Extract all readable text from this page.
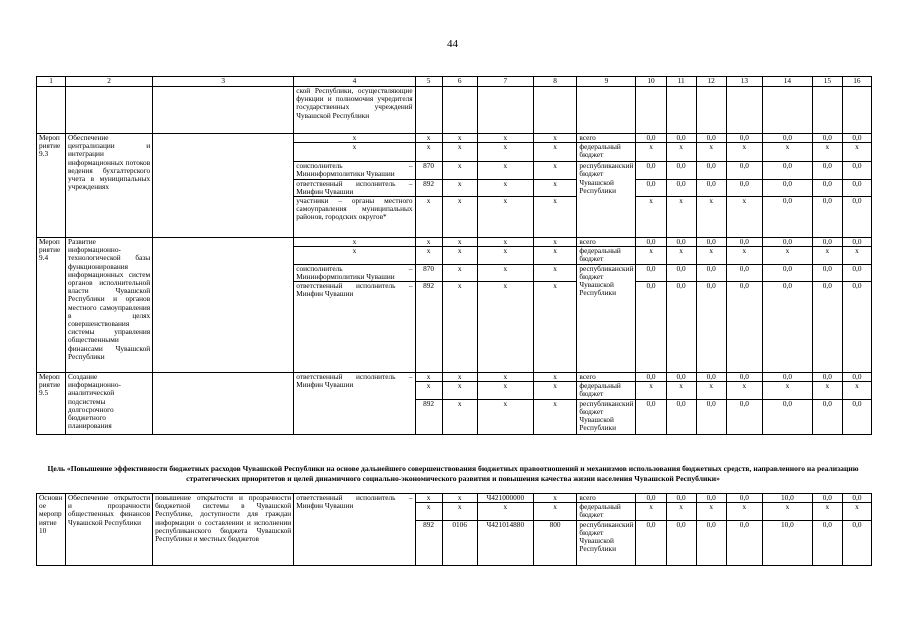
44
1	2	3	4	5	6	7	8	9	10	11	12	13	14	15	16
			ской Республики, осуществляющие функции и полномочия учредителя государственных учреждений Чувашской Республики												
Мероприятие 9.3	Обеспечение централизации и интеграции информационных потоков ведения бухгалтерского учета в муниципальных учреждениях		x	x	x	x	x	всего	0,0	0,0	0,0	0,0	0,0	0,0	0,0
			x	x	x	x	x	федеральный бюджет	x	x	x	x	x	x	x
			соисполнитель – Мининформполитики Чувашии	870	x	x	x	республиканский бюджет Чувашской Республики	0,0	0,0	0,0	0,0	0,0	0,0	0,0
			ответственный исполнитель – Минфин Чувашии	892	x	x	x		0,0	0,0	0,0	0,0	0,0	0,0	0,0
			участники – органы местного самоуправления муниципальных районов, городских округов*	x	x	x	x		x	x	x	x	0,0	0,0	0,0
Мероприятие 9.4	Развитие информационно-технологической базы функционирования информационных систем органов исполнительной власти Чувашской Республики и органов местного самоуправления в целях совершенствования системы управления общественными финансами Чувашской Республики		x	x	x	x	x	всего	0,0	0,0	0,0	0,0	0,0	0,0	0,0
			x	x	x	x	x	федеральный бюджет	x	x	x	x	x	x	x
			соисполнитель – Мининформполитики Чувашии	870	x	x	x	республиканский бюджет Чувашской Республики	0,0	0,0	0,0	0,0	0,0	0,0	0,0
			ответственный исполнитель – Минфин Чувашии	892	x	x	x		0,0	0,0	0,0	0,0	0,0	0,0	0,0
Мероприятие 9.5	Создание информационно-аналитической подсистемы долгосрочного бюджетного планирования		ответственный исполнитель – Минфин Чувашии	x	x	x	x	всего	0,0	0,0	0,0	0,0	0,0	0,0	0,0
				x	x	x	x	федеральный бюджет	x	x	x	x	x	x	x
				892	x	x	x	республиканский бюджет Чувашской Республики	0,0	0,0	0,0	0,0	0,0	0,0	0,0
Цель «Повышение эффективности бюджетных расходов Чувашской Республики на основе дальнейшего совершенствования бюджетных правоотношений и механизмов использования бюджетных средств, направленного на реализацию стратегических приоритетов и целей динамичного социально-экономического развития и повышения качества жизни населения Чувашской Республики»
Основное мероприятие 10	Обеспечение открытости и прозрачности общественных финансов Чувашской Республики	повышение открытости и прозрачности бюджетной системы в Чувашской Республике, доступности для граждан информации о составлении и исполнении республиканского бюджета Чувашской Республики и местных бюджетов	ответственный исполнитель – Минфин Чувашии	x	x	Ч421000000	x	всего	0,0	0,0	0,0	0,0	10,0	0,0	0,0
				x	x	x	x	федеральный бюджет	x	x	x	x	x	x	x
				892	0106	Ч421014880	800	республиканский бюджет Чувашской Республики	0,0	0,0	0,0	0,0	10,0	0,0	0,0
